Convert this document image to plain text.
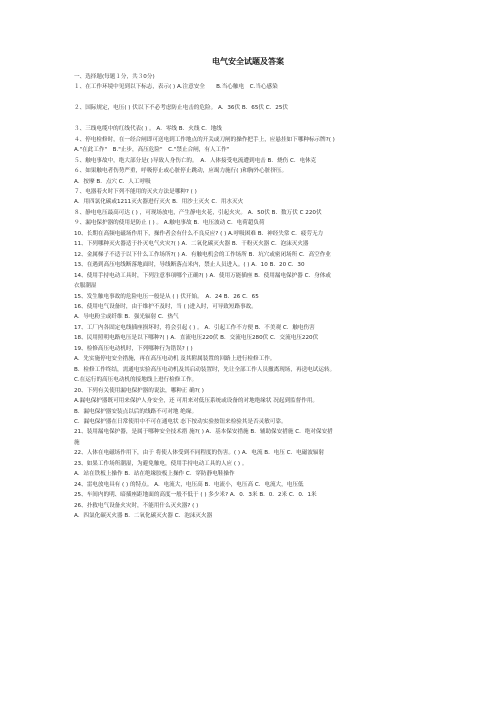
电气安全试题及答案
一、选择题(每题１分，共３0分)
１、在工作环境中见到以下标志，表示( ) A.注意安全　　B.当心触电　C.当心感染

２、国际规定，电压( ) 伏以下不必考虑防止电击的危险。 A．36伏 B．65伏 C．25伏

３、三线电缆中的红线代表( ) 。 A．零线 B．火线 C．地线
４、停电检修时，在一经合闸即可送电到工作地点的开关或刀闸的操作把手上，应悬挂如下哪种标示牌?( )
A."在此工作"　B."止步，高压危险"　C."禁止合闸，有人工作"
５、触电事故中，绝大部分是( )导致人身伤亡的。　A．人体接受电流遭到电击 B．烧伤 C．电休克
６、如果触电者伤势严重，呼吸停止或心脏停止跳动，应竭力施行( )和胸外心脏挤压。
A．按摩 B．点穴 C．人工呼吸
７、电器着火时下列不能用的灭火方法是哪种? ( )
A．用四氯化碳或1211灭火器进行灭火 B．用沙土灭火 C．用水灭火
８、静电电压最高可达 ( ) ，可现场放电，产生静电火花，引起火灾。 A．50伏 B．数万伏 C 220伏
９、漏电保护器的使用是防止 ( ) 。 A.触电事故 B．电压波动 C．电荷超负荷
10、长期在高频电磁场作用下，操作者会有什么不良反应? ( ) A.呼吸困难 B．神经失常 C．疲劳无力
11、下列哪种灭火器适于扑灭电气火灾?( ) A．二氧化碳灭火器 B．干粉灭火器 C．泡沫灭火器
12、金属梯子不适于以下什么工作场所?( ) A．有触电机会的工作场所 B．坑穴或密闭场所 C．高空作业
13、在遇到高压电线断落地面时，导线断落点米内，禁止人员进入。( ) A．10 B．20 C．30
14、使用手持电动工具时，下列注意事项哪个正确?( ) A．使用万能插座 B．使用漏电保护器 C．身体或
衣服潮湿
15、发生触电事故的危险电压一般是从 ( ) 伏开始。　A．24 B．26 C．65
16、使用电气设备时，由于维护不及时，当 ( )进入时，可导致短路事故。
A．导电粉尘或纤维 B．强光辐射 C．热气
17、工厂内各固定电线插座损坏时，将会引起 ( ) 。 A．引起工作不方便 B．不美观 C．触电伤害
18、民用照明电路电压是以下哪种?( ) A．直流电压220伏 B．交流电压280伏 C．交流电压220伏
19、检修高压电动机时，下列哪种行为错误? ( )
A．先实施停电安全措施，再在高压电动机 及其附属装置的回路上进行检修工作。
B．检修工作终结，需通电实验高压电动机及其启动装置时，先让全部工作人员撤离现场，再送电试运转。
C.在运行的高压电动机的接地线上进行检修工作。
20、下列有关使用漏电保护器的说法，哪种正 确?( )
A.漏电保护器既可用来保护人身安全，还 可用来对低压系统或设备的对地绝缘状 况起到监督作用。
B．漏电保护器安装点以后的线路不可对地 绝缘。
C．漏电保护器在日常使用中不可在通电状 态下按动实验按钮来检验其是否灵敏可靠。
21、装用漏电保护器，是属于哪种安全技术措 施?( ) A．基本保安措施 B．辅助保安措施 C．绝对保安措
施
22、人体在电磁场作用下，由于 将使人体受到不同程度的伤害。( ) A．电流 B．电压 C．电磁波辐射
23、如果工作场所潮湿，为避免触电，使用手持电动工具的人应 ( ) 。
A．站在铁板上操作 B．站在绝缘胶板上操作 C．穿防静电鞋操作
24、雷电放电具有 ( ) 的特点。 A．电流大，电压高 B．电流小，电压高 C．电流大，电压低
25、车间内的明、暗插座距地面的高度一般不低于 ( ) 多少米? A．0．3米 B．0．2米 C．0．1米
26、扑救电气设备火灾时，不能用什么灭火器? ( )
A．四氯化碳灭火器 B．二氧化碳灭火器 C．泡沫灭火器
